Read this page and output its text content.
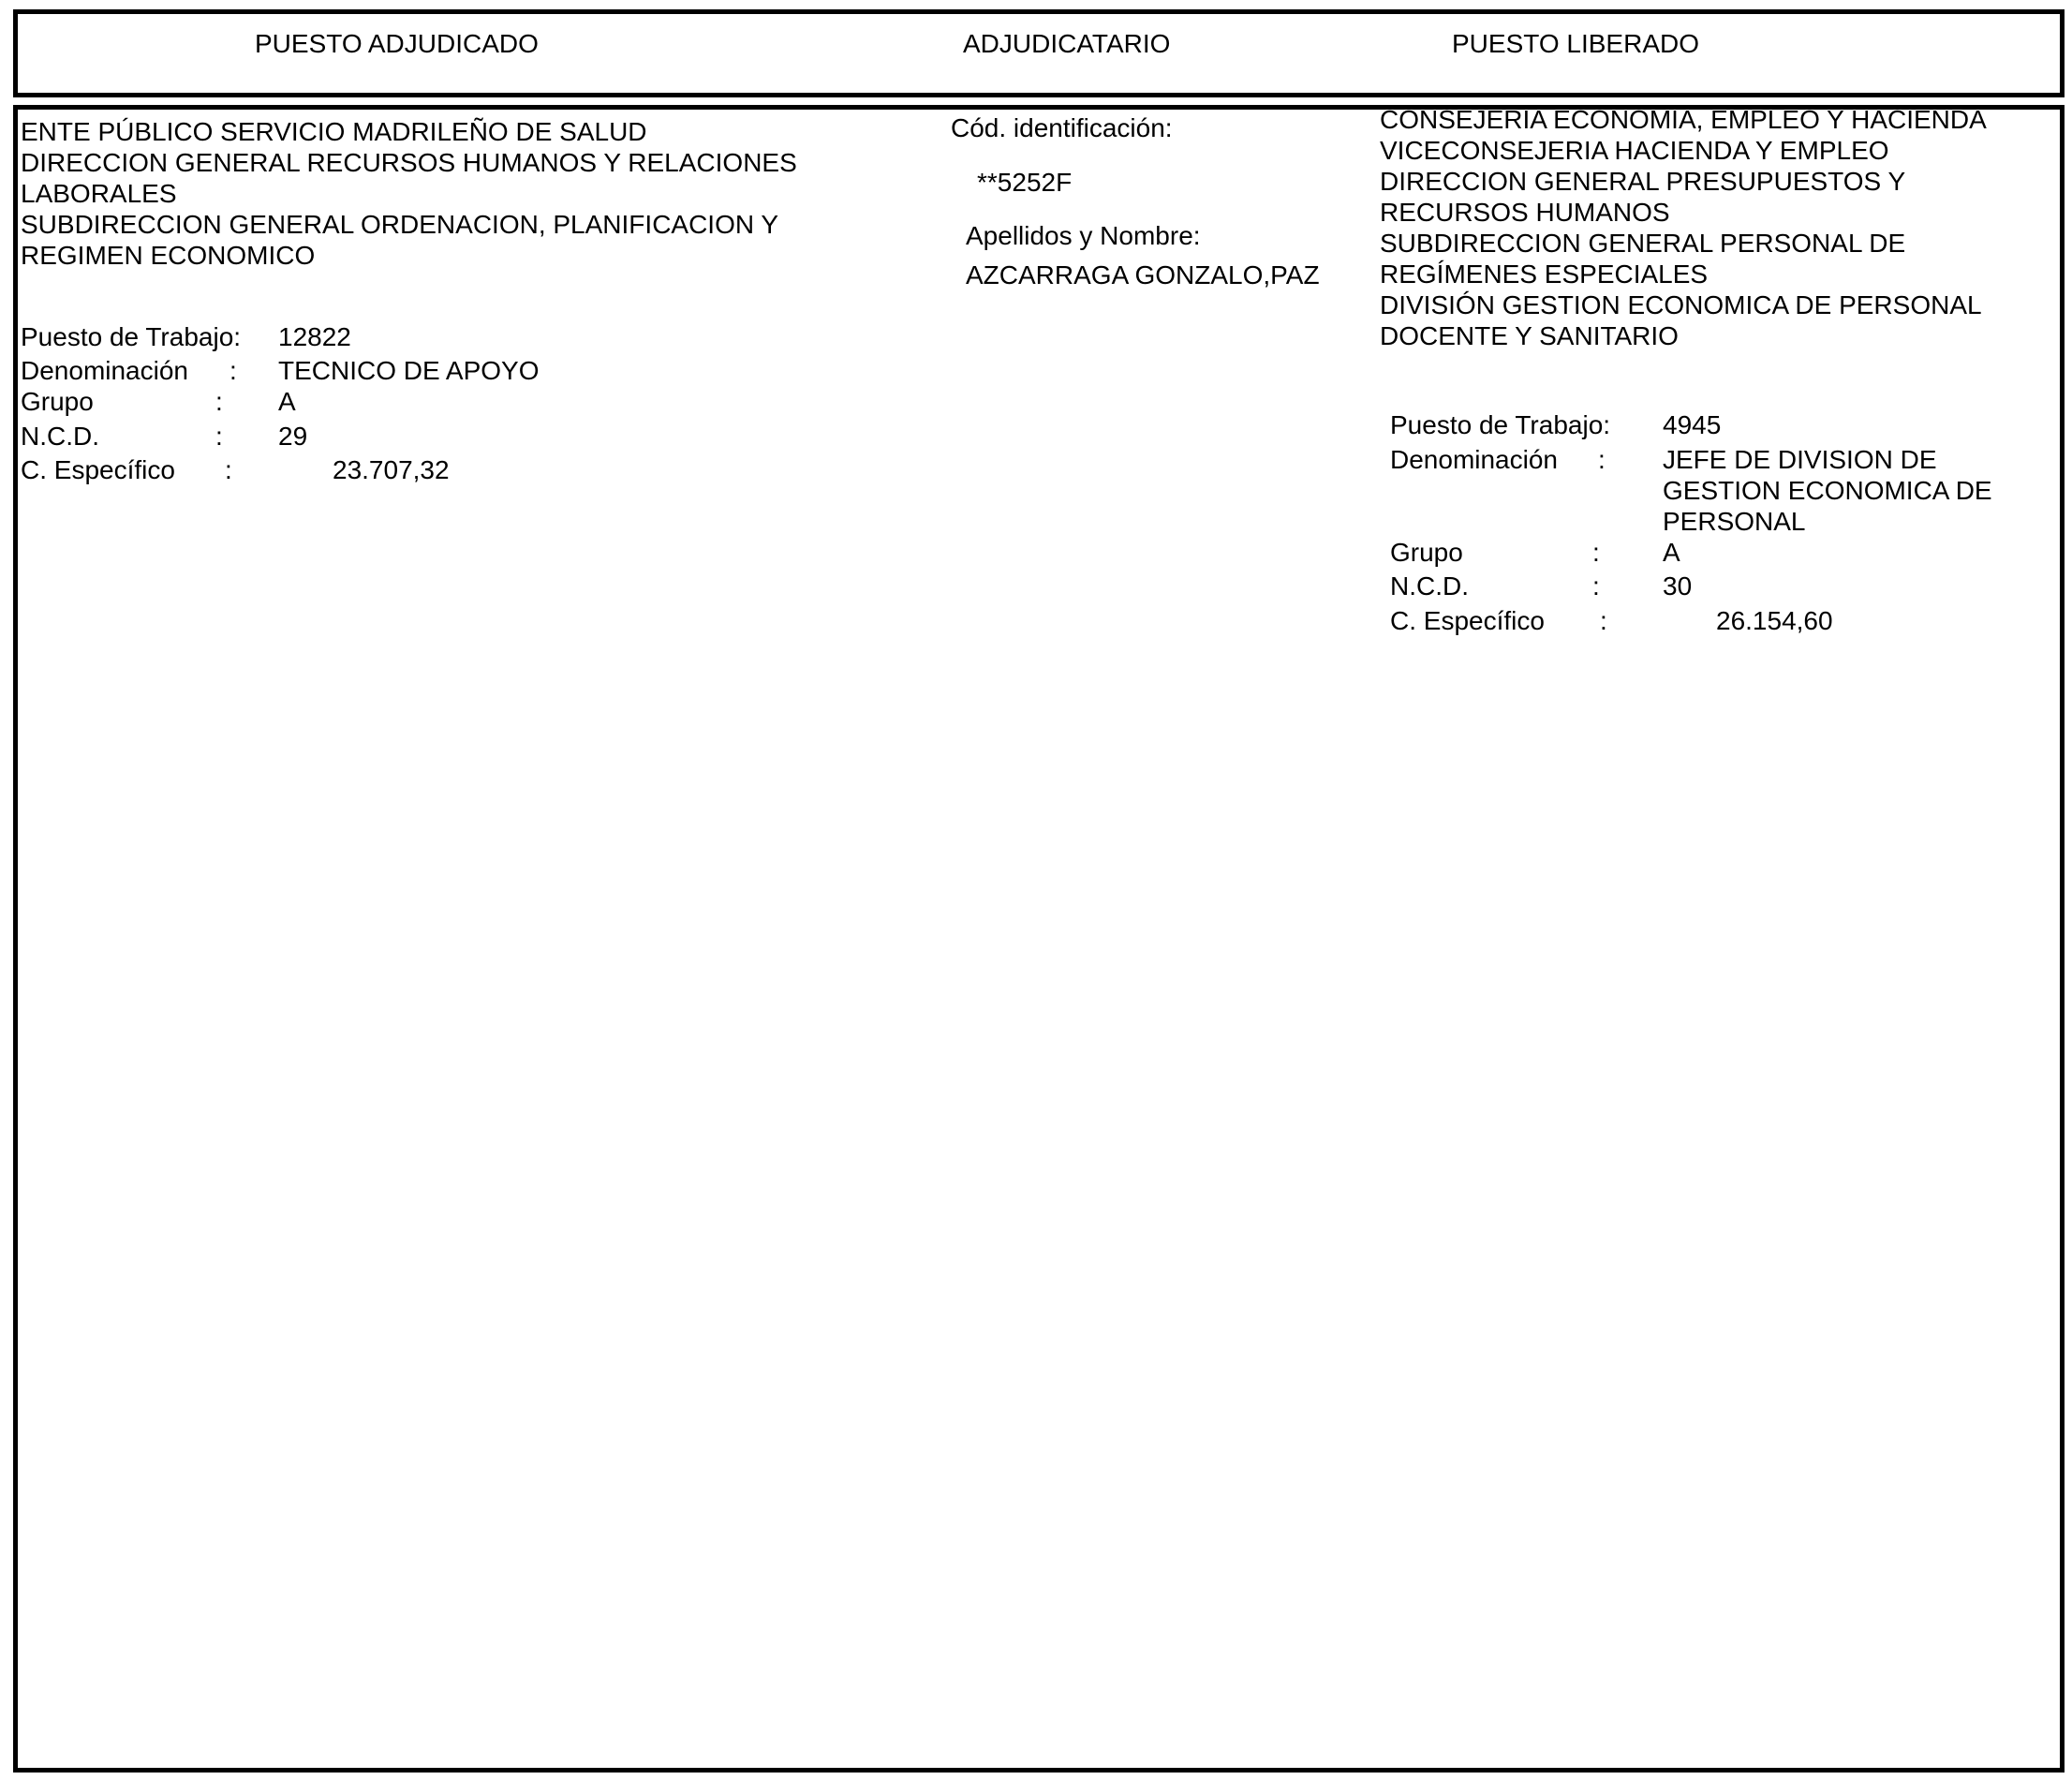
PUESTO ADJUDICADO	ADJUDICATARIO	PUESTO LIBERADO
ENTE PÚBLICO SERVICIO MADRILEÑO DE SALUD
DIRECCION GENERAL RECURSOS HUMANOS Y RELACIONES
LABORALES
SUBDIRECCION GENERAL ORDENACION, PLANIFICACION Y
REGIMEN ECONOMICO
Puesto de Trabajo: 12822
Denominación : TECNICO DE APOYO
Grupo	: A
N.C.D.	: 29
C. Específico :	23.707,32
Cód. identificación:
**5252F
Apellidos y Nombre:
AZCARRAGA GONZALO,PAZ
CONSEJERIA ECONOMIA, EMPLEO Y HACIENDA
VICECONSEJERIA HACIENDA Y EMPLEO
DIRECCION GENERAL PRESUPUESTOS Y
RECURSOS HUMANOS
SUBDIRECCION GENERAL PERSONAL DE
REGÍMENES ESPECIALES
DIVISIÓN GESTION ECONOMICA DE PERSONAL
DOCENTE Y SANITARIO
Puesto de Trabajo: 4945
Denominación : JEFE DE DIVISION DE
GESTION ECONOMICA DE
PERSONAL
Grupo	: A
N.C.D.	: 30
C. Específico :	26.154,60
